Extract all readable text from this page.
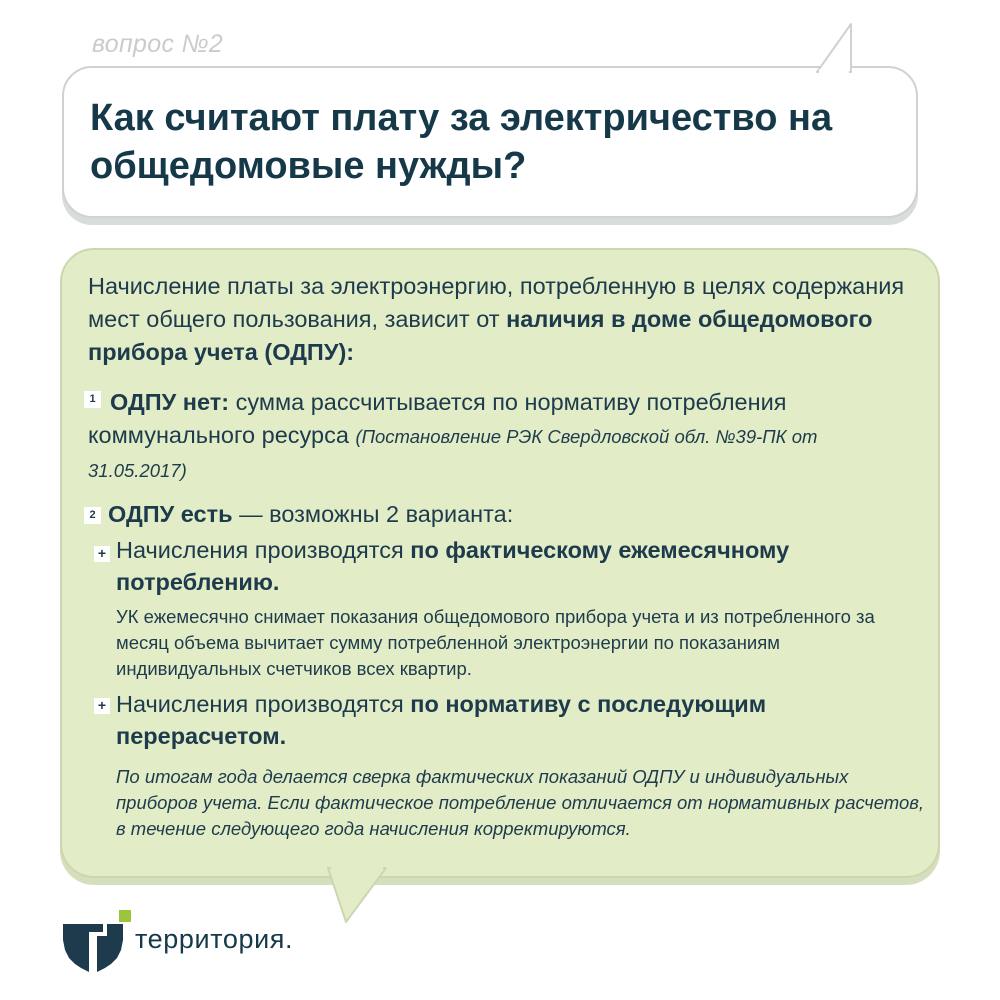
вопрос №2
Как считают плату за электричество на общедомовые нужды?

Начисление платы за электроэнергию, потребленную в целях содержания мест общего пользования, зависит от наличия в доме общедомового прибора учета (ОДПУ):

1 ОДПУ нет: сумма рассчитывается по нормативу потребления коммунального ресурса (Постановление РЭК Свердловской обл. №39-ПК от 31.05.2017)

2 ОДПУ есть — возможны 2 варианта:

+ Начисления производятся по фактическому ежемесячному потреблению.

УК ежемесячно снимает показания общедомового прибора учета и из потребленного за месяц объема вычитает сумму потребленной электроэнергии по показаниям индивидуальных счетчиков всех квартир.

+ Начисления производятся по нормативу с последующим перерасчетом.

По итогам года делается сверка фактических показаний ОДПУ и индивидуальных приборов учета. Если фактическое потребление отличается от нормативных расчетов, в течение следующего года начисления корректируются.

территория.
